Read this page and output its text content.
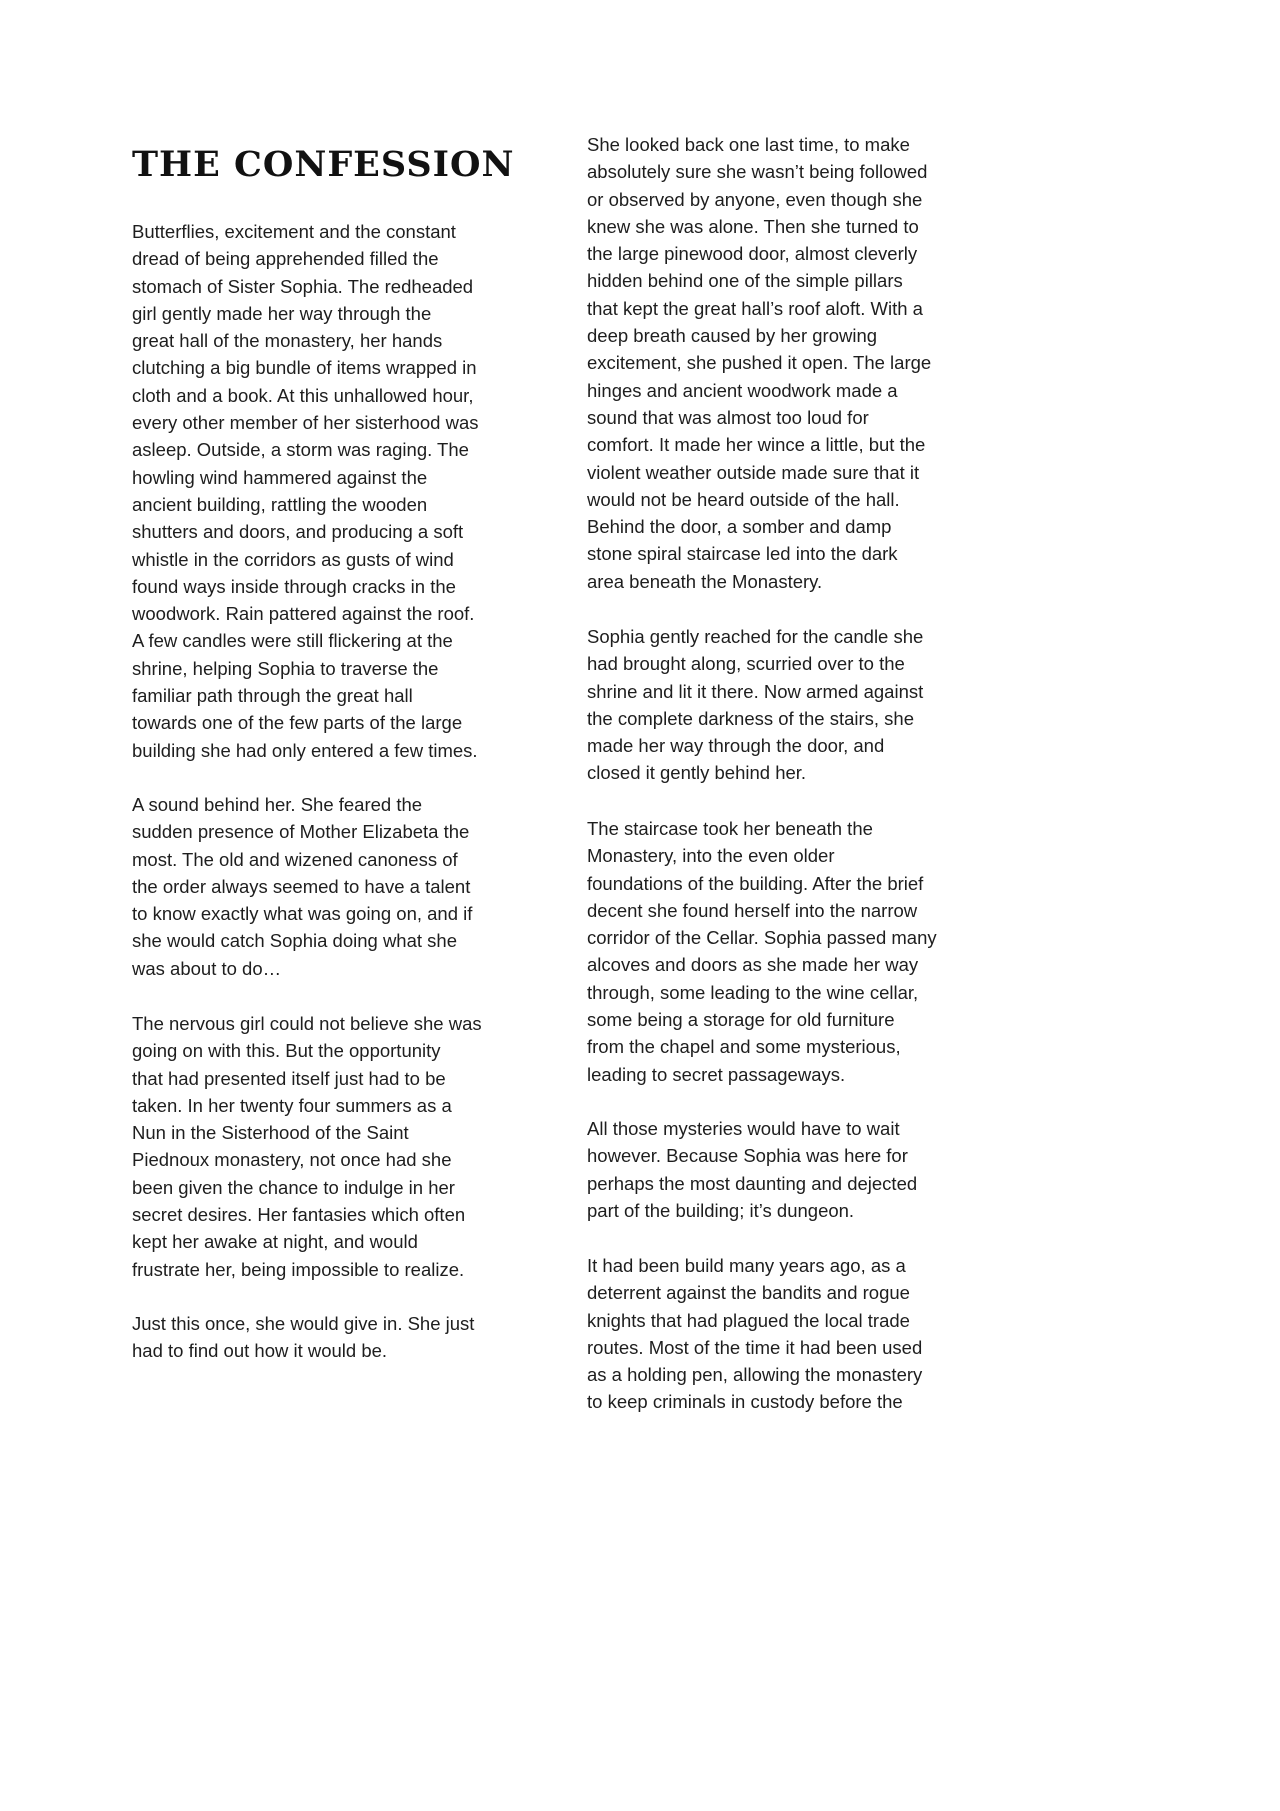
THE CONFESSION

Butterflies, excitement and the constant
dread of being apprehended filled the
stomach of Sister Sophia. The redheaded
girl gently made her way through the
great hall of the monastery, her hands
clutching a big bundle of items wrapped in
cloth and a book. At this unhallowed hour,
every other member of her sisterhood was
asleep. Outside, a storm was raging. The
howling wind hammered against the
ancient building, rattling the wooden
shutters and doors, and producing a soft
whistle in the corridors as gusts of wind
found ways inside through cracks in the
woodwork. Rain pattered against the roof.
A few candles were still flickering at the
shrine, helping Sophia to traverse the
familiar path through the great hall
towards one of the few parts of the large
building she had only entered a few times.

A sound behind her. She feared the
sudden presence of Mother Elizabeta the
most. The old and wizened canoness of
the order always seemed to have a talent
to know exactly what was going on, and if
she would catch Sophia doing what she
was about to do…

The nervous girl could not believe she was
going on with this. But the opportunity
that had presented itself just had to be
taken. In her twenty four summers as a
Nun in the Sisterhood of the Saint
Piednoux monastery, not once had she
been given the chance to indulge in her
secret desires. Her fantasies which often
kept her awake at night, and would
frustrate her, being impossible to realize.

Just this once, she would give in. She just
had to find out how it would be.

She looked back one last time, to make
absolutely sure she wasn’t being followed
or observed by anyone, even though she
knew she was alone. Then she turned to
the large pinewood door, almost cleverly
hidden behind one of the simple pillars
that kept the great hall’s roof aloft. With a
deep breath caused by her growing
excitement, she pushed it open. The large
hinges and ancient woodwork made a
sound that was almost too loud for
comfort. It made her wince a little, but the
violent weather outside made sure that it
would not be heard outside of the hall.
Behind the door, a somber and damp
stone spiral staircase led into the dark
area beneath the Monastery.

Sophia gently reached for the candle she
had brought along, scurried over to the
shrine and lit it there. Now armed against
the complete darkness of the stairs, she
made her way through the door, and
closed it gently behind her.

The staircase took her beneath the
Monastery, into the even older
foundations of the building. After the brief
decent she found herself into the narrow
corridor of the Cellar. Sophia passed many
alcoves and doors as she made her way
through, some leading to the wine cellar,
some being a storage for old furniture
from the chapel and some mysterious,
leading to secret passageways.

All those mysteries would have to wait
however. Because Sophia was here for
perhaps the most daunting and dejected
part of the building; it’s dungeon.

It had been build many years ago, as a
deterrent against the bandits and rogue
knights that had plagued the local trade
routes. Most of the time it had been used
as a holding pen, allowing the monastery
to keep criminals in custody before the
